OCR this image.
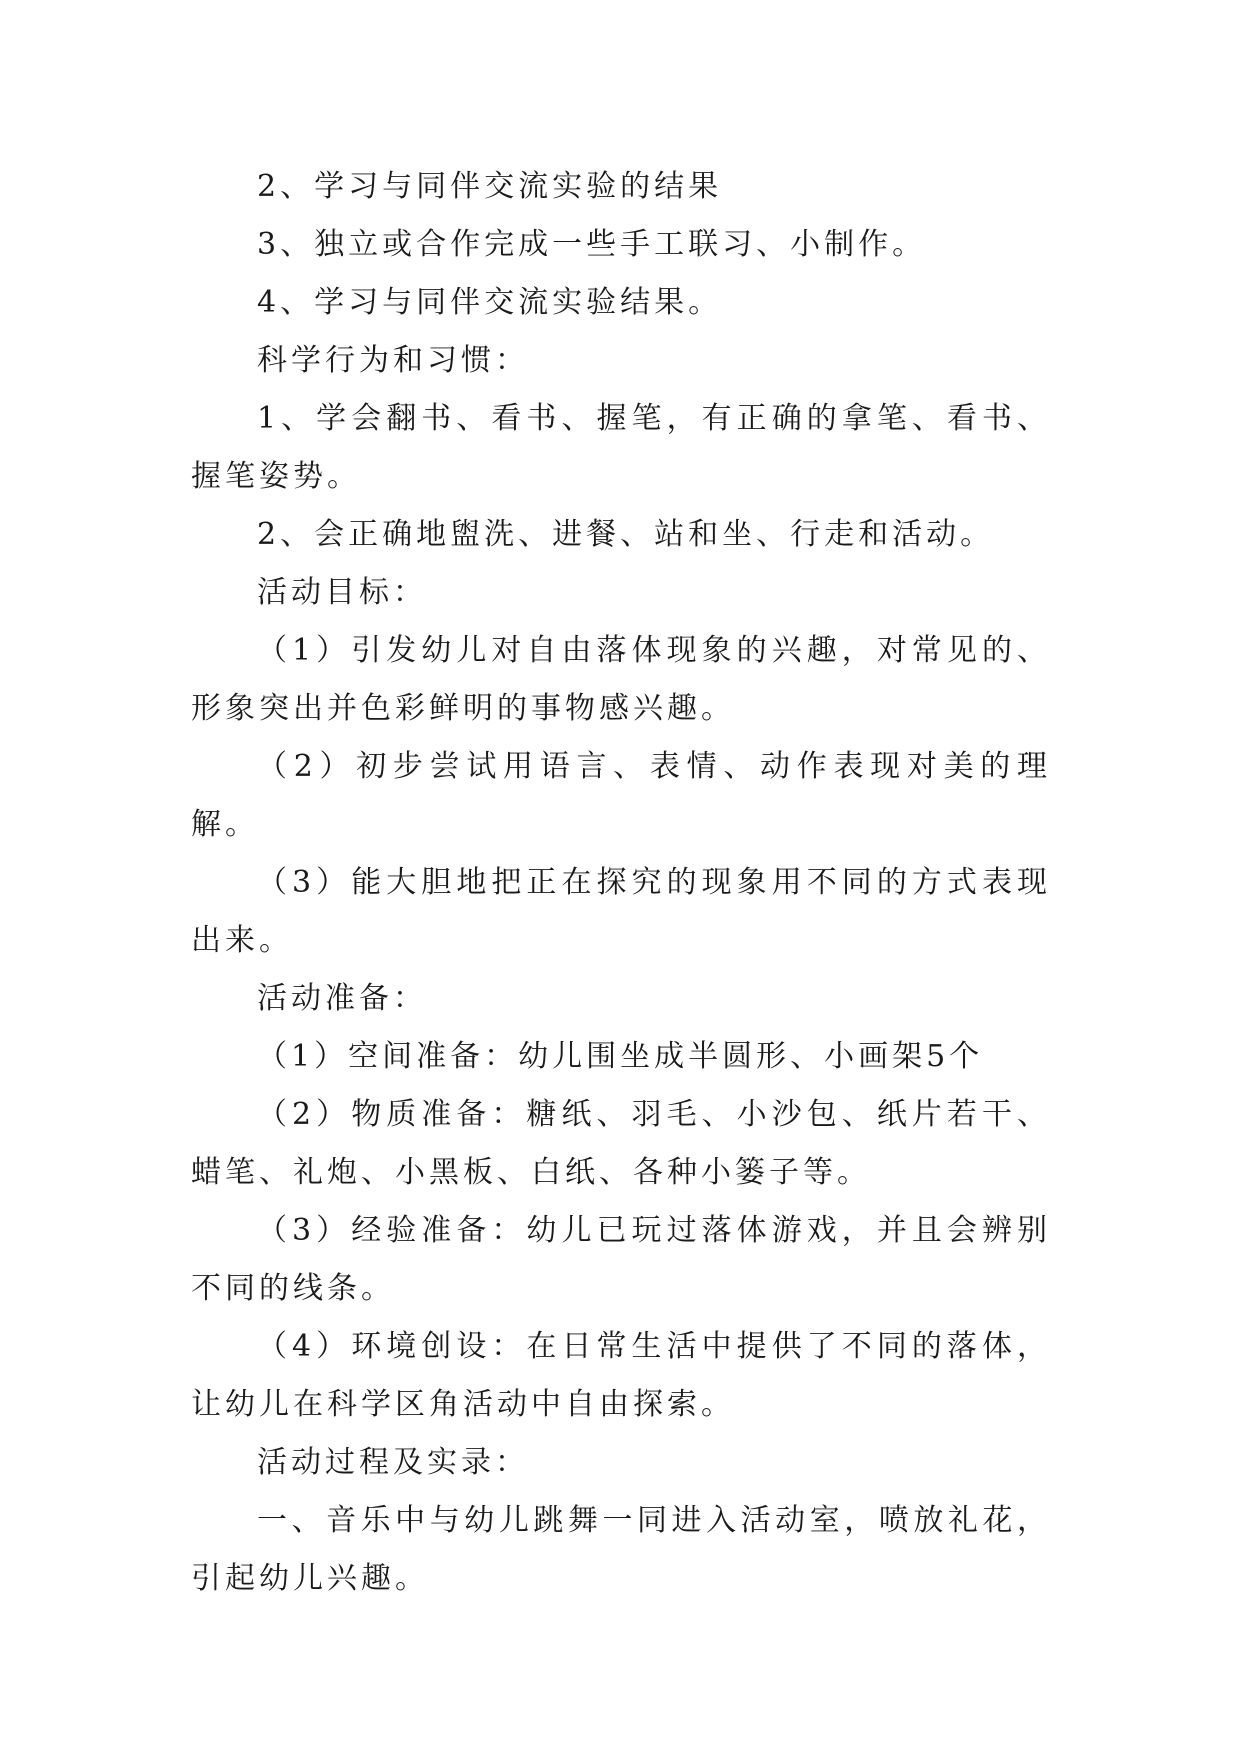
2、学习与同伴交流实验的结果

3、独立或合作完成一些手工联习、小制作。

4、学习与同伴交流实验结果。

科学行为和习惯：

1、学会翻书、看书、握笔，有正确的拿笔、看书、握笔姿势。

2、会正确地盥洗、进餐、站和坐、行走和活动。

活动目标：

（1）引发幼儿对自由落体现象的兴趣，对常见的、形象突出并色彩鲜明的事物感兴趣。

（2）初步尝试用语言、表情、动作表现对美的理解。

（3）能大胆地把正在探究的现象用不同的方式表现出来。

活动准备：

（1）空间准备：幼儿围坐成半圆形、小画架5个

（2）物质准备：糖纸、羽毛、小沙包、纸片若干、蜡笔、礼炮、小黑板、白纸、各种小篓子等。

（3）经验准备：幼儿已玩过落体游戏，并且会辨别不同的线条。

（4）环境创设：在日常生活中提供了不同的落体，让幼儿在科学区角活动中自由探索。

活动过程及实录：

一、音乐中与幼儿跳舞一同进入活动室，喷放礼花，引起幼儿兴趣。
